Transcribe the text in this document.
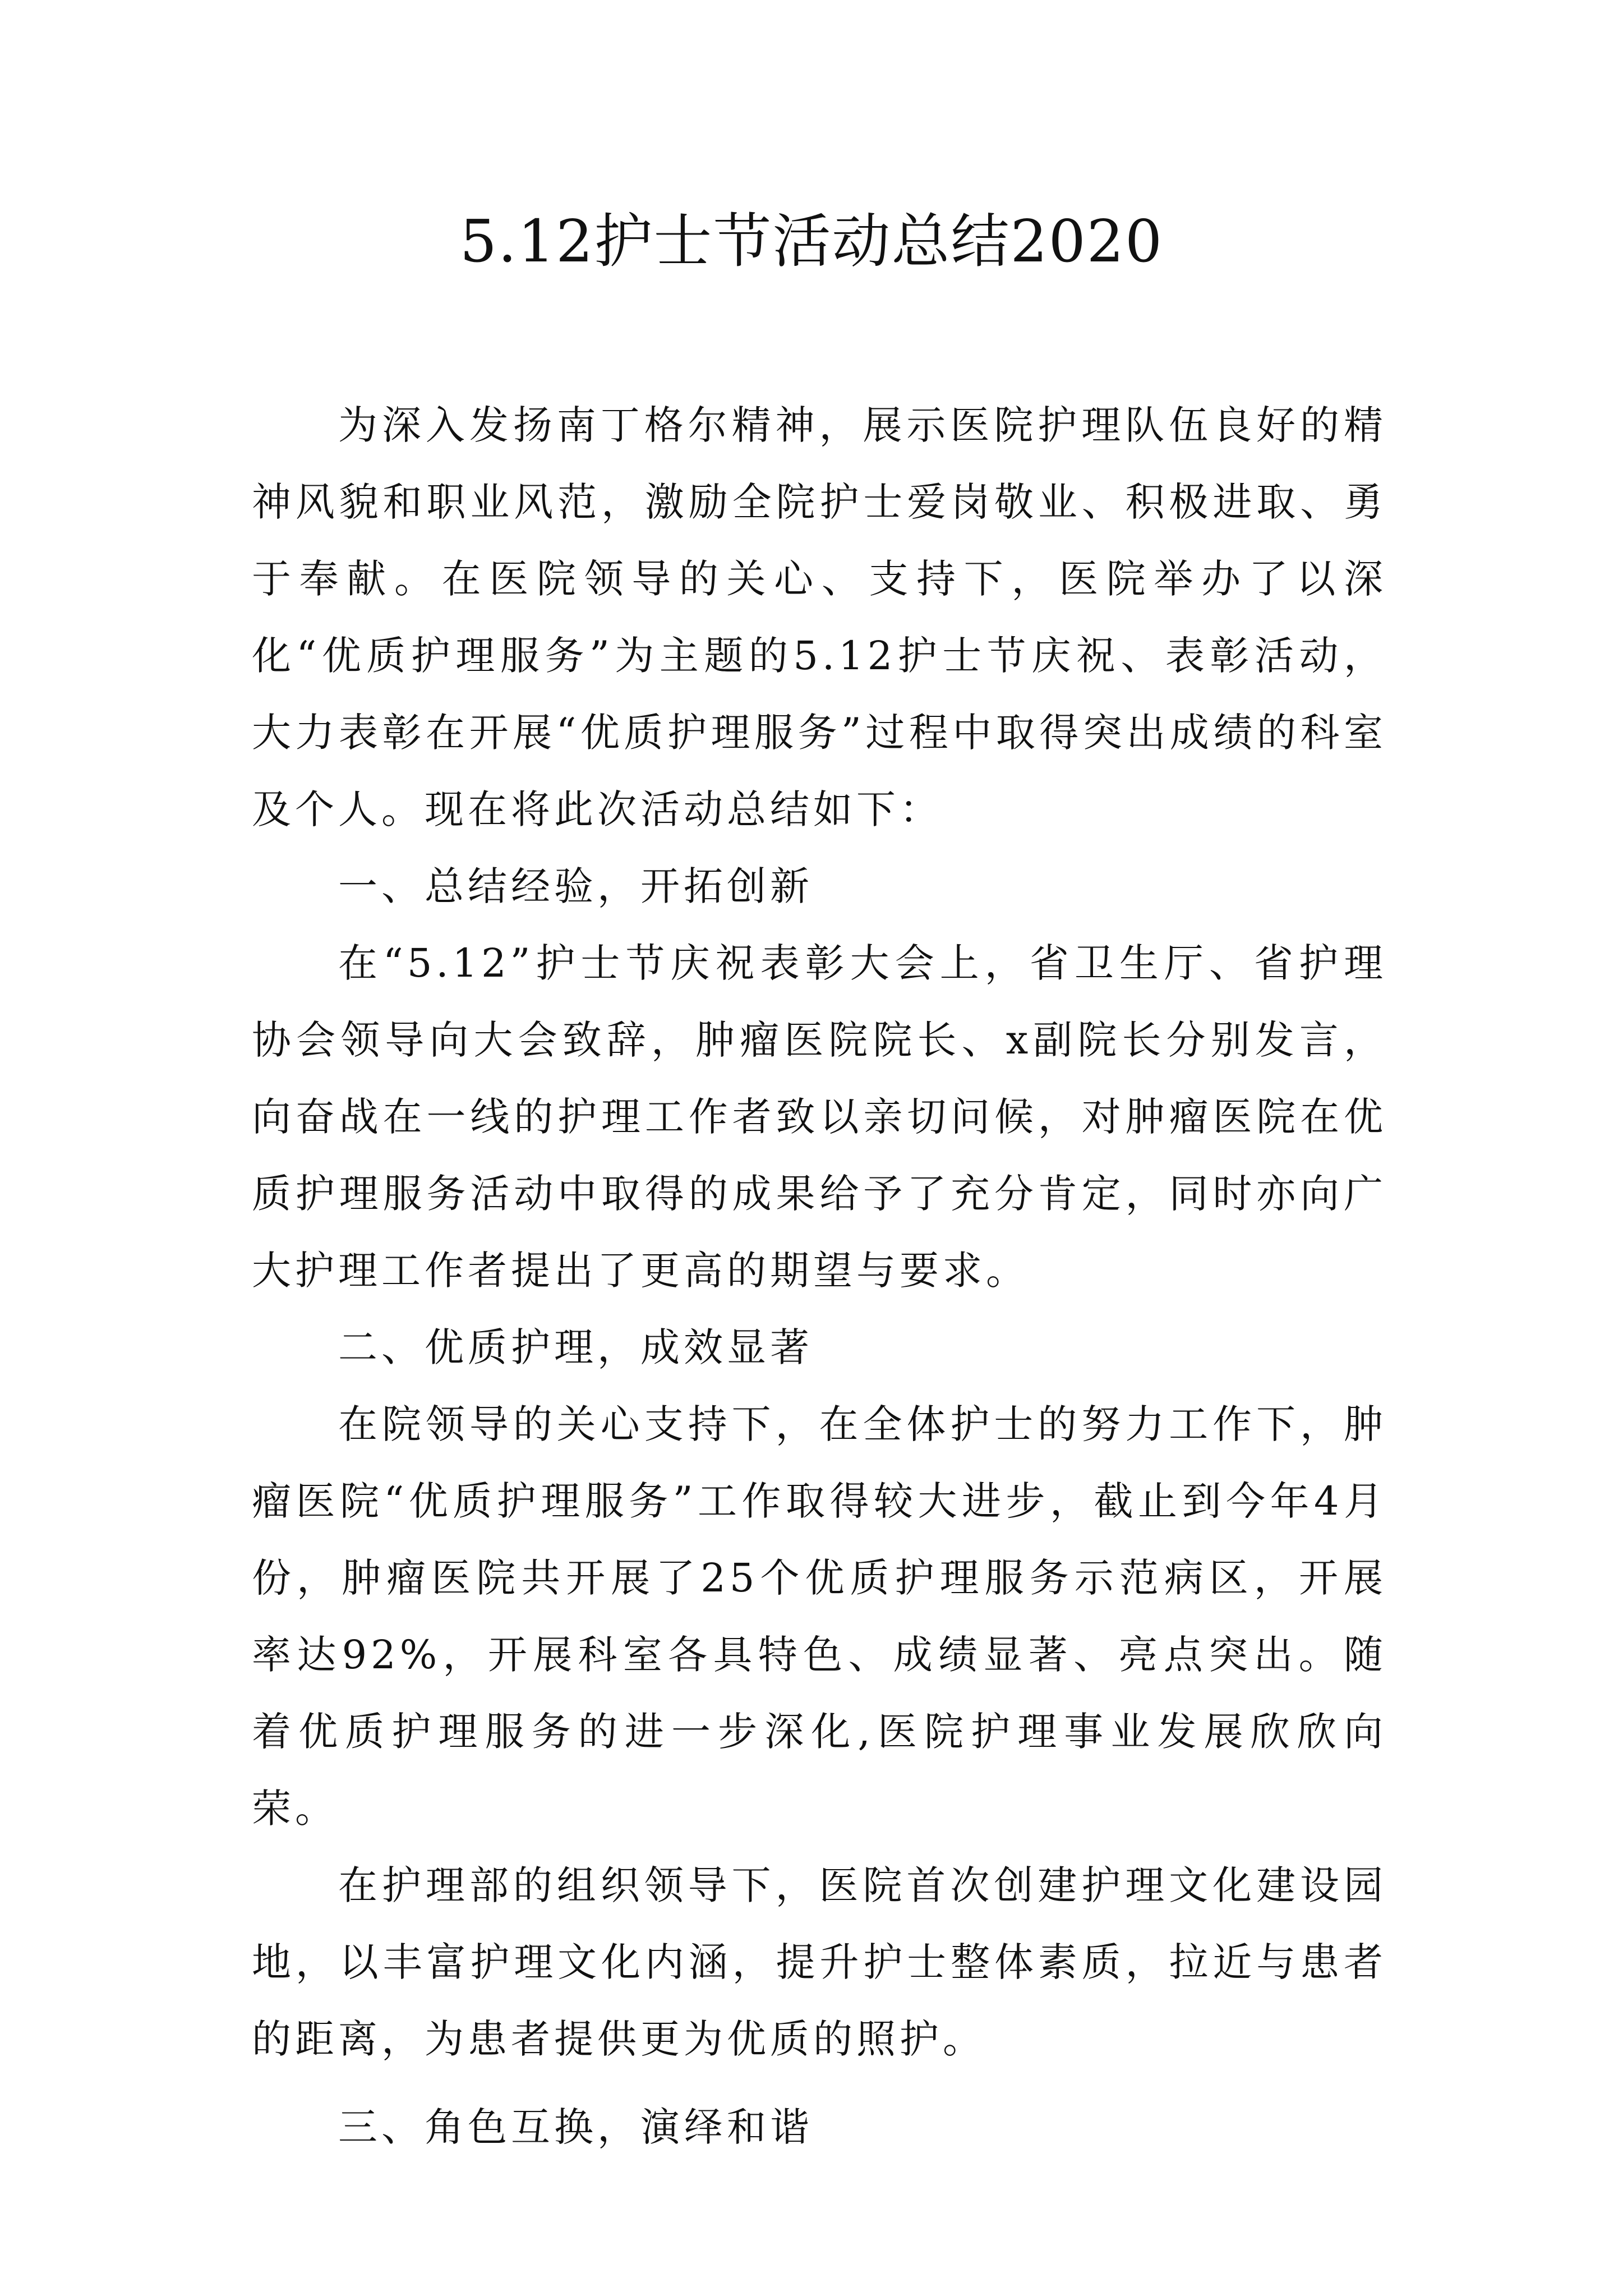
5.12护士节活动总结2020

为深入发扬南丁格尔精神，展示医院护理队伍良好的精神风貌和职业风范，激励全院护士爱岗敬业、积极进取、勇于奉献。在医院领导的关心、支持下，医院举办了以深化“优质护理服务”为主题的5.12护士节庆祝、表彰活动，大力表彰在开展“优质护理服务”过程中取得突出成绩的科室及个人。现在将此次活动总结如下：

一、总结经验，开拓创新

在“5.12”护士节庆祝表彰大会上，省卫生厅、省护理协会领导向大会致辞，肿瘤医院院长、x副院长分别发言，向奋战在一线的护理工作者致以亲切问候，对肿瘤医院在优质护理服务活动中取得的成果给予了充分肯定，同时亦向广大护理工作者提出了更高的期望与要求。

二、优质护理，成效显著

在院领导的关心支持下，在全体护士的努力工作下，肿瘤医院“优质护理服务”工作取得较大进步，截止到今年4月份，肿瘤医院共开展了25个优质护理服务示范病区，开展率达92%，开展科室各具特色、成绩显著、亮点突出。随着优质护理服务的进一步深化,医院护理事业发展欣欣向荣。

在护理部的组织领导下，医院首次创建护理文化建设园地，以丰富护理文化内涵，提升护士整体素质，拉近与患者的距离，为患者提供更为优质的照护。

三、角色互换，演绎和谐
